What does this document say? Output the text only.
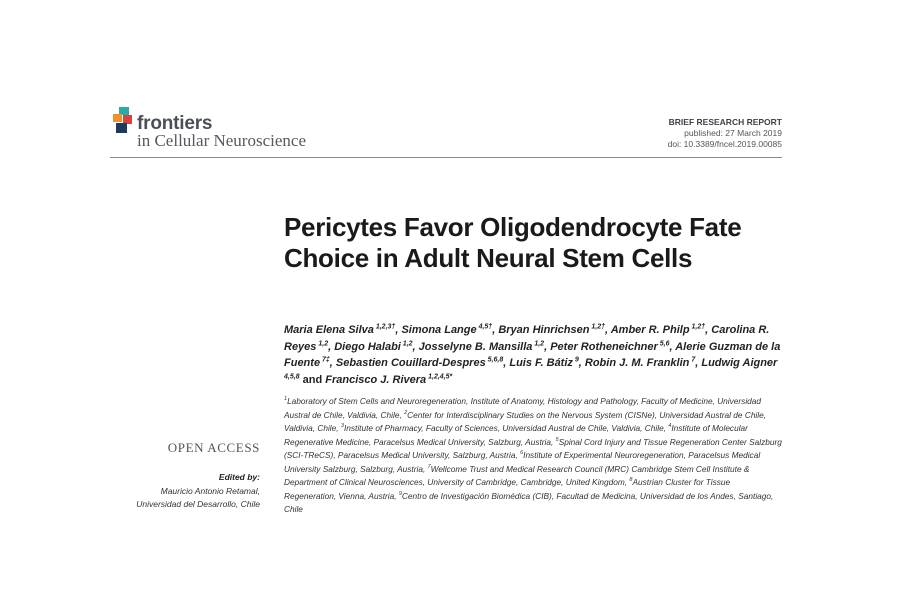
frontiers
in Cellular Neuroscience
BRIEF RESEARCH REPORT
published: 27 March 2019
doi: 10.3389/fncel.2019.00085
Pericytes Favor Oligodendrocyte Fate Choice in Adult Neural Stem Cells
Maria Elena Silva $^{1,2,3\dagger}$, Simona Lange $^{4,5\dagger}$, Bryan Hinrichsen $^{1,2\dagger}$, Amber R. Philp $^{1,2\dagger}$, Carolina R. Reyes $^{1,2}$, Diego Halabi $^{1,2}$, Josselyne B. Mansilla $^{1,2}$, Peter Rotheneichner $^{5,6}$, Alerie Guzman de la Fuente $^{7\ddagger}$, Sebastien Couillard-Despres $^{5,6,8}$, Luis F. Bátiz $^9$, Robin J. M. Franklin $^7$, Ludwig Aigner $^{4,5,8}$ and Francisco J. Rivera $^{1,2,4,5*}$
$^1$Laboratory of Stem Cells and Neuroregeneration, Institute of Anatomy, Histology and Pathology, Faculty of Medicine, Universidad Austral de Chile, Valdivia, Chile, $^2$Center for Interdisciplinary Studies on the Nervous System (CISNe), Universidad Austral de Chile, Valdivia, Chile, $^3$Institute of Pharmacy, Faculty of Sciences, Universidad Austral de Chile, Valdivia, Chile, $^4$Institute of Molecular Regenerative Medicine, Paracelsus Medical University, Salzburg, Austria, $^5$Spinal Cord Injury and Tissue Regeneration Center Salzburg (SCI-TReCS), Paracelsus Medical University, Salzburg, Austria, $^6$Institute of Experimental Neuroregeneration, Paracelsus Medical University Salzburg, Salzburg, Austria, $^7$Wellcome Trust and Medical Research Council (MRC) Cambridge Stem Cell Institute & Department of Clinical Neurosciences, University of Cambridge, Cambridge, United Kingdom, $^8$Austrian Cluster for Tissue Regeneration, Vienna, Austria, $^9$Centro de Investigación Biomédica (CIB), Facultad de Medicina, Universidad de los Andes, Santiago, Chile
OPEN ACCESS
Edited by:
Mauricio Antonio Retamal,
Universidad del Desarrollo, Chile
